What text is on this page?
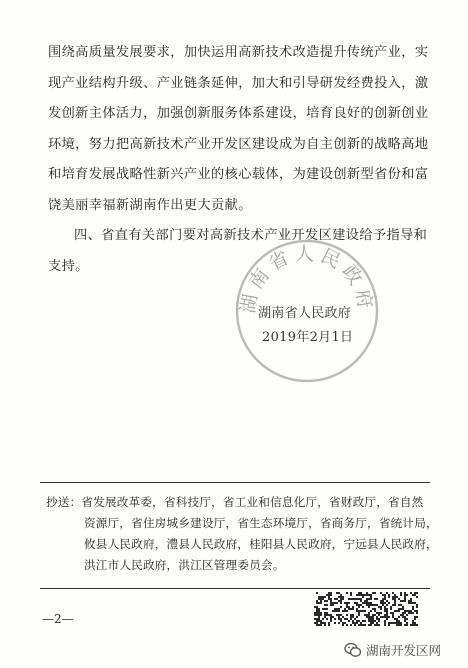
围绕高质量发展要求，加快运用高新技术改造提升传统产业，实
现产业结构升级、产业链条延伸，加大和引导研发经费投入，激
发创新主体活力，加强创新服务体系建设，培育良好的创新创业
环境，努力把高新技术产业开发区建设成为自主创新的战略高地
和培育发展战略性新兴产业的核心载体，为建设创新型省份和富
饶美丽幸福新湖南作出更大贡献。
四、省直有关部门要对高新技术产业开发区建设给予指导和
支持。
湖南省人民政府
湖南省人民政府
2019年2月1日
抄送：省发展改革委，省科技厅，省工业和信息化厅，省财政厅，省自然
资源厅，省住房城乡建设厅，省生态环境厅，省商务厅，省统计局，
攸县人民政府，澧县人民政府，桂阳县人民政府，宁远县人民政府，
洪江市人民政府，洪江区管理委员会。
—2—
湖南开发区网
